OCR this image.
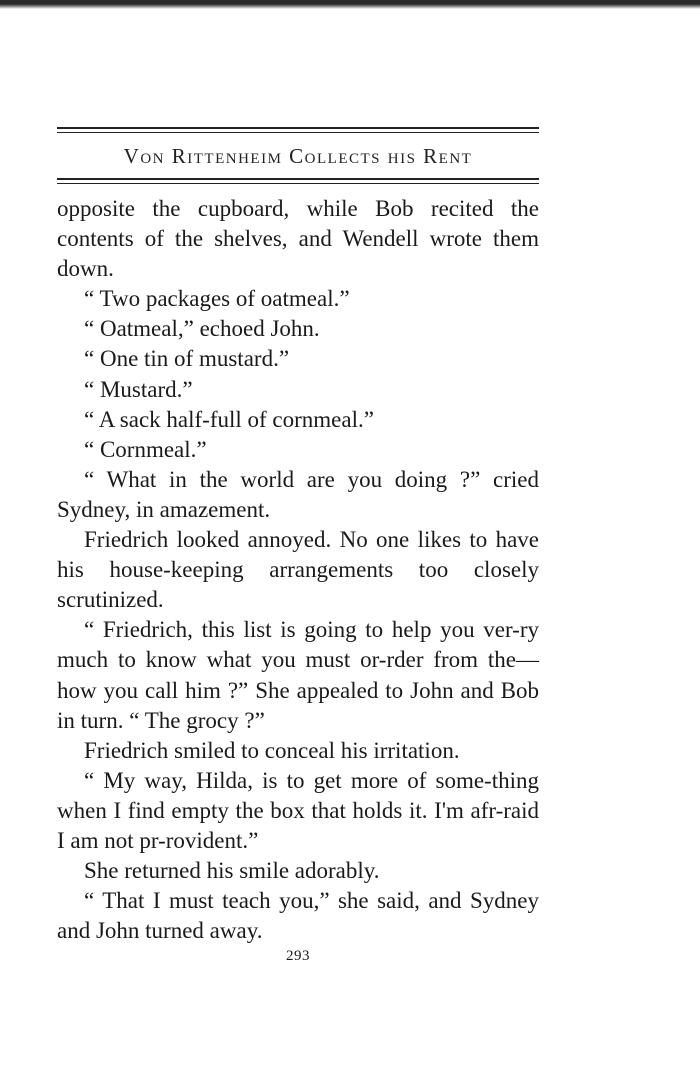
Von Rittenheim Collects his Rent

opposite the cupboard, while Bob recited the contents of the shelves, and Wendell wrote them down.

“ Two packages of oatmeal.”

“ Oatmeal,” echoed John.

“ One tin of mustard.”

“ Mustard.”

“ A sack half-full of cornmeal.”

“ Cornmeal.”

“ What in the world are you doing ?” cried Sydney, in amazement.

Friedrich looked annoyed. No one likes to have his house-keeping arrangements too closely scrutinized.

“ Friedrich, this list is going to help you ver-ry much to know what you must or-rder from the—how you call him ?” She appealed to John and Bob in turn. “ The grocy ?”

Friedrich smiled to conceal his irritation.

“ My way, Hilda, is to get more of some-thing when I find empty the box that holds it. I'm afr-raid I am not pr-rovident.”

She returned his smile adorably.

“ That I must teach you,” she said, and Sydney and John turned away.

293
